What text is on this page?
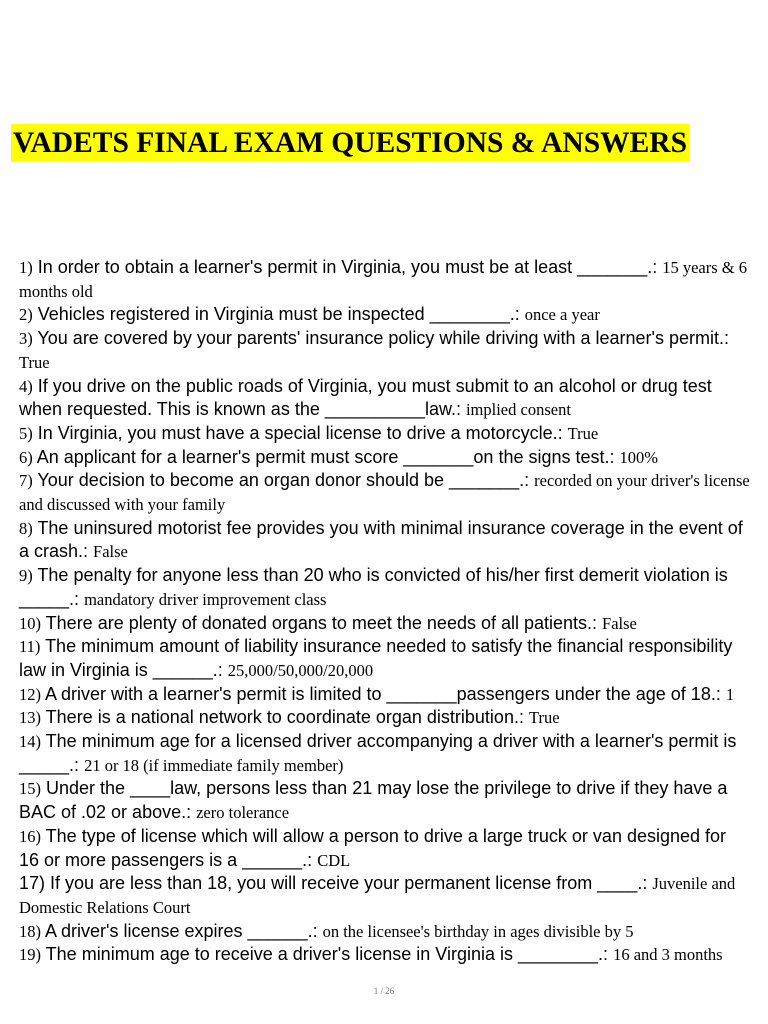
VADETS FINAL EXAM QUESTIONS & ANSWERS

1) In order to obtain a learner's permit in Virginia, you must be at least _______.: 15 years & 6 months old

2) Vehicles registered in Virginia must be inspected ________.: once a year

3) You are covered by your parents' insurance policy while driving with a learner's permit.: True

4) If you drive on the public roads of Virginia, you must submit to an alcohol or drug test when requested. This is known as the __________law.: implied consent

5) In Virginia, you must have a special license to drive a motorcycle.: True

6) An applicant for a learner's permit must score _______on the signs test.: 100%

7) Your decision to become an organ donor should be _______.: recorded on your driver's license and discussed with your family

8) The uninsured motorist fee provides you with minimal insurance coverage in the event of a crash.: False

9) The penalty for anyone less than 20 who is convicted of his/her first demerit violation is _____.: mandatory driver improvement class

10) There are plenty of donated organs to meet the needs of all patients.: False

11) The minimum amount of liability insurance needed to satisfy the financial responsibility law in Virginia is ______.: 25,000/50,000/20,000

12) A driver with a learner's permit is limited to _______passengers under the age of 18.: 1

13) There is a national network to coordinate organ distribution.: True

14) The minimum age for a licensed driver accompanying a driver with a learner's permit is _____.: 21 or 18 (if immediate family member)

15) Under the ____law, persons less than 21 may lose the privilege to drive if they have a BAC of .02 or above.: zero tolerance

16) The type of license which will allow a person to drive a large truck or van designed for 16 or more passengers is a ______.: CDL

17) If you are less than 18, you will receive your permanent license from ____.: Juvenile and Domestic Relations Court

18) A driver's license expires ______.: on the licensee's birthday in ages divisible by 5

19) The minimum age to receive a driver's license in Virginia is ________.: 16 and 3 months

1 / 26
